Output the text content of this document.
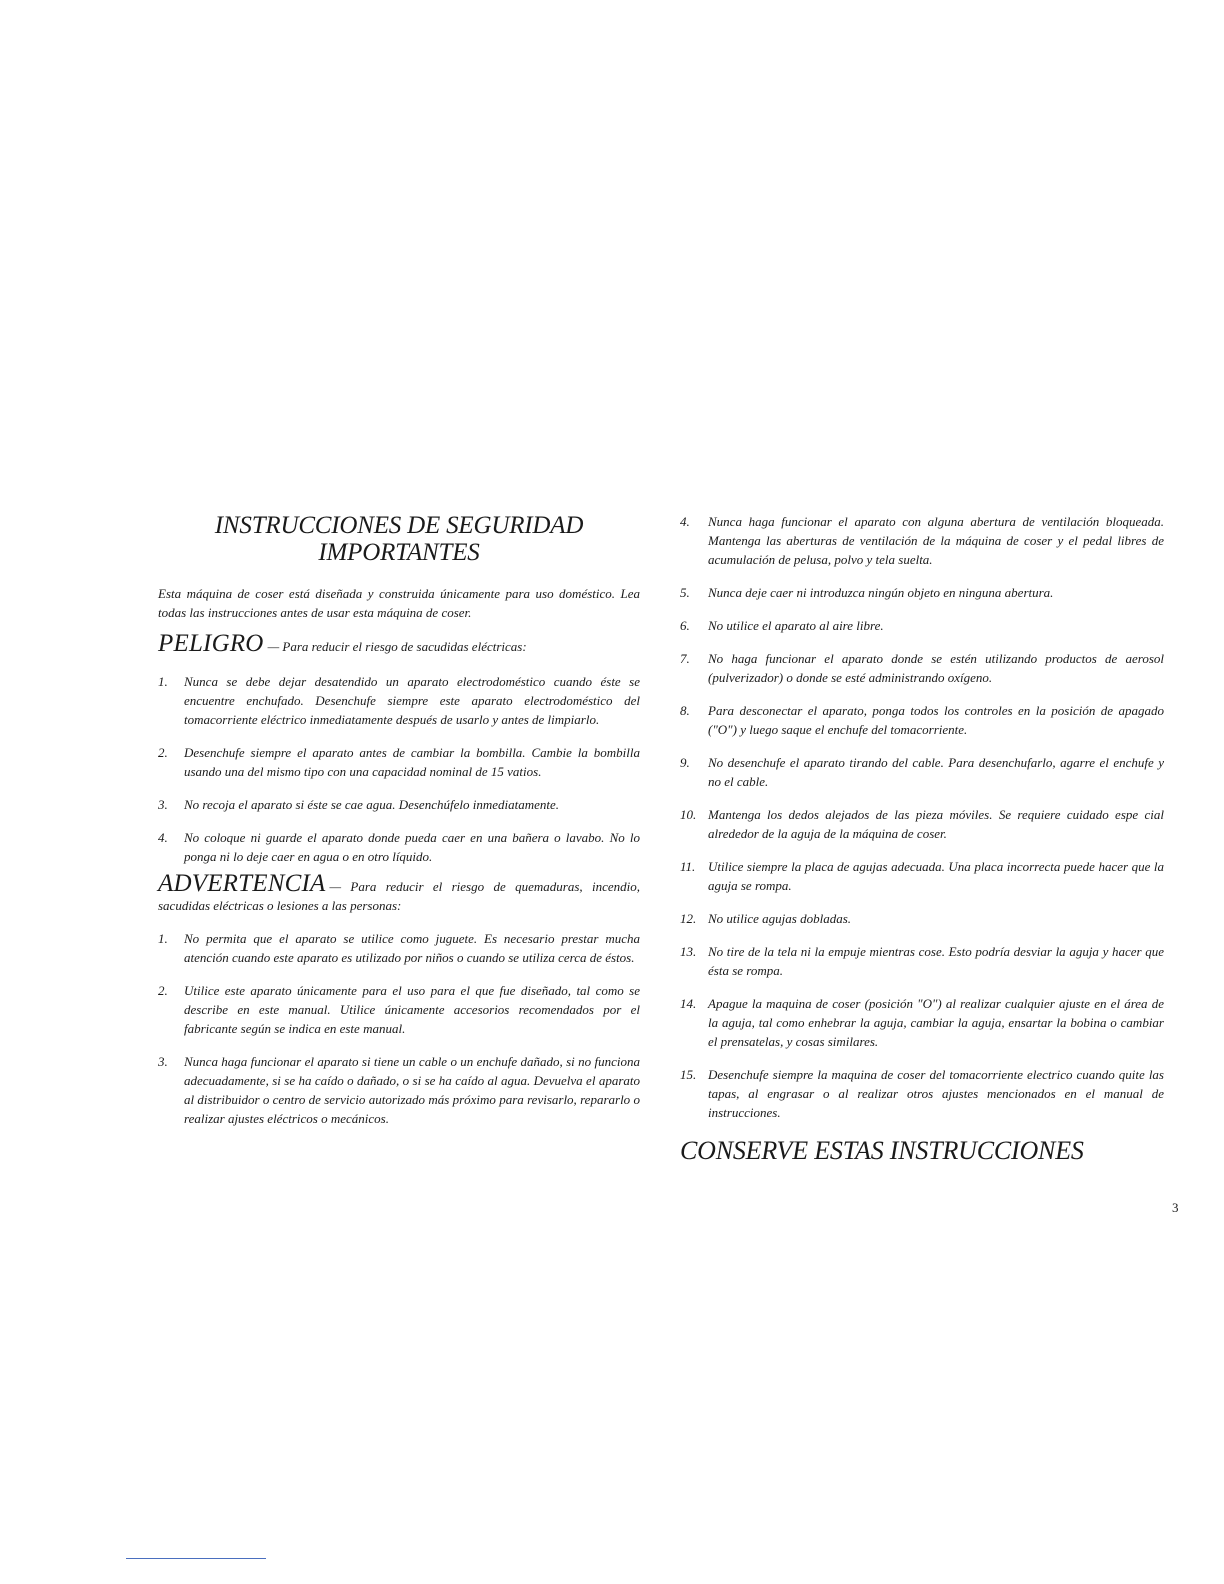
INSTRUCCIONES DE SEGURIDAD
IMPORTANTES

Esta máquina de coser está diseñada y construida únicamente para uso doméstico. Lea todas las instrucciones antes de usar esta máquina de coser.

PELIGRO — Para reducir el riesgo de sacudidas eléctricas:
1. Nunca se debe dejar desatendido un aparato electrodoméstico cuando éste se encuentre enchufado. Desenchufe siempre este aparato electrodoméstico del tomacorriente eléctrico inmediatamente después de usarlo y antes de limpiarlo.
2. Desenchufe siempre el aparato antes de cambiar la bombilla. Cambie la bombilla usando una del mismo tipo con una capacidad nominal de 15 vatios.
3. No recoja el aparato si éste se cae agua. Desenchúfelo inmediatamente.
4. No coloque ni guarde el aparato donde pueda caer en una bañera o lavabo. No lo ponga ni lo deje caer en agua o en otro líquido.
ADVERTENCIA — Para reducir el riesgo de quemaduras, incendio, sacudidas eléctricas o lesiones a las personas:
1. No permita que el aparato se utilice como juguete. Es necesario prestar mucha atención cuando este aparato es utilizado por niños o cuando se utiliza cerca de éstos.
2. Utilice este aparato únicamente para el uso para el que fue diseñado, tal como se describe en este manual. Utilice únicamente accesorios recomendados por el fabricante según se indica en este manual.
3. Nunca haga funcionar el aparato si tiene un cable o un enchufe dañado, si no funciona adecuadamente, si se ha caído o dañado, o si se ha caído al agua. Devuelva el aparato al distribuidor o centro de servicio autorizado más próximo para revisarlo, repararlo o realizar ajustes eléctricos o mecánicos.
4. Nunca haga funcionar el aparato con alguna abertura de ventilación bloqueada. Mantenga las aberturas de ventilación de la máquina de coser y el pedal libres de acumulación de pelusa, polvo y tela suelta.
5. Nunca deje caer ni introduzca ningún objeto en ninguna abertura.
6. No utilice el aparato al aire libre.
7. No haga funcionar el aparato donde se estén utilizando productos de aerosol (pulverizador) o donde se esté administrando oxígeno.
8. Para desconectar el aparato, ponga todos los controles en la posición de apagado ("O") y luego saque el enchufe del tomacorriente.
9. No desenchufe el aparato tirando del cable. Para desenchufarlo, agarre el enchufe y no el cable.
10. Mantenga los dedos alejados de las pieza móviles. Se requiere cuidado espe cial alrededor de la aguja de la máquina de coser.
11. Utilice siempre la placa de agujas adecuada. Una placa incorrecta puede hacer que la aguja se rompa.
12. No utilice agujas dobladas.
13. No tire de la tela ni la empuje mientras cose. Esto podría desviar la aguja y hacer que ésta se rompa.
14. Apague la maquina de coser (posición "O") al realizar cualquier ajuste en el área de la aguja, tal como enhebrar la aguja, cambiar la aguja, ensartar la bobina o cambiar el prensatelas, y cosas similares.
15. Desenchufe siempre la maquina de coser del tomacorriente electrico cuando quite las tapas, al engrasar o al realizar otros ajustes mencionados en el manual de instrucciones.
CONSERVE ESTAS INSTRUCCIONES
3
